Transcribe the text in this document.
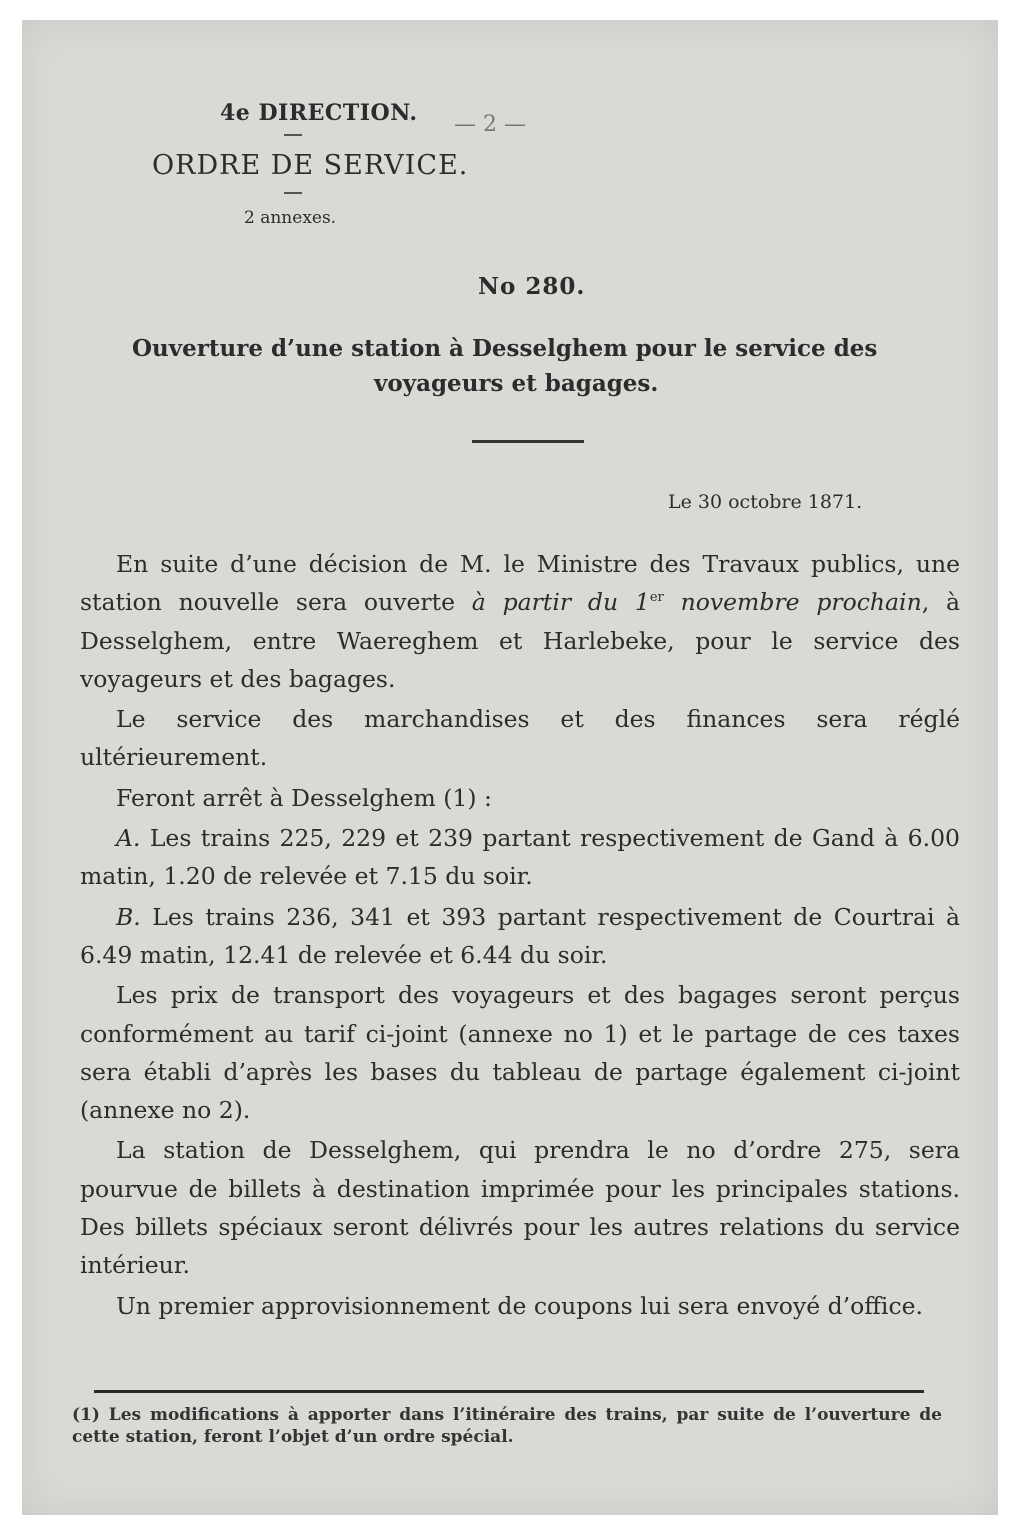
4e DIRECTION. — 2 —
ORDRE DE SERVICE.
2 annexes.
No 280.
Ouverture d’une station à Desselghem pour le service des
voyageurs et bagages.
Le 30 octobre 1871.

En suite d’une décision de M. le Ministre des Travaux publics, une station nouvelle sera ouverte à partir du 1er novembre prochain, à Desselghem, entre Waereghem et Harlebeke, pour le service des voyageurs et des bagages.

Le service des marchandises et des finances sera réglé ultérieurement.

Feront arrêt à Desselghem (1) :

A. Les trains 225, 229 et 239 partant respectivement de Gand à 6.00 matin, 1.20 de relevée et 7.15 du soir.

B. Les trains 236, 341 et 393 partant respectivement de Courtrai à 6.49 matin, 12.41 de relevée et 6.44 du soir.

Les prix de transport des voyageurs et des bagages seront perçus conformément au tarif ci-joint (annexe no 1) et le partage de ces taxes sera établi d’après les bases du tableau de partage également ci-joint (annexe no 2).

La station de Desselghem, qui prendra le no d’ordre 275, sera pourvue de billets à destination imprimée pour les principales stations. Des billets spéciaux seront délivrés pour les autres relations du service intérieur.

Un premier approvisionnement de coupons lui sera envoyé d’office.

(1) Les modifications à apporter dans l’itinéraire des trains, par suite de l’ouverture de cette station, feront l’objet d’un ordre spécial.
